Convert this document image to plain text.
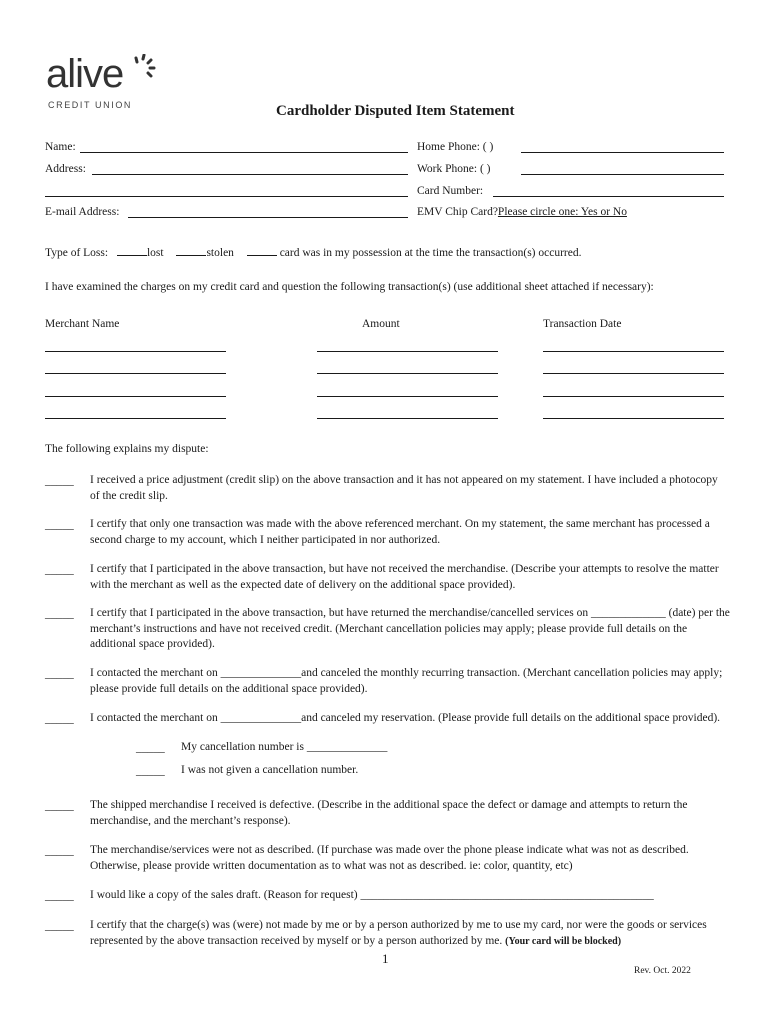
alive
CREDIT UNION	Cardholder Disputed Item Statement
Name:
Address:
E-mail Address:
Home Phone: ( )
Work Phone: ( )
Card Number:
EMV Chip Card?Please circle one: Yes or No
Type of Loss:	lost	stolen	card was in my possession at the time the transaction(s) occurred.
I have examined the charges on my credit card and question the following transaction(s) (use additional sheet attached if necessary):
Merchant Name	Amount	Transaction Date
The following explains my dispute:
_____ I received a price adjustment (credit slip) on the above transaction and it has not appeared on my statement. I have included a photocopy of the credit slip.
_____ I certify that only one transaction was made with the above referenced merchant. On my statement, the same merchant has processed a second charge to my account, which I neither participated in nor authorized.
_____ I certify that I participated in the above transaction, but have not received the merchandise. (Describe your attempts to resolve the matter with the merchant as well as the expected date of delivery on the additional space provided).
_____ I certify that I participated in the above transaction, but have returned the merchandise/cancelled services on _____________ (date) per the merchant’s instructions and have not received credit. (Merchant cancellation policies may apply; please provide full details on the additional space provided).
_____ I contacted the merchant on ______________and canceled the monthly recurring transaction. (Merchant cancellation policies may apply; please provide full details on the additional space provided).
_____ I contacted the merchant on ______________and canceled my reservation. (Please provide full details on the additional space provided).
_____ My cancellation number is ______________
_____ I was not given a cancellation number.
_____ The shipped merchandise I received is defective. (Describe in the additional space the defect or damage and attempts to return the merchandise, and the merchant’s response).
_____ The merchandise/services were not as described. (If purchase was made over the phone please indicate what was not as described. Otherwise, please provide written documentation as to what was not as described. ie: color, quantity, etc)
_____ I would like a copy of the sales draft. (Reason for request) ___________________________________________________
_____ I certify that the charge(s) was (were) not made by me or by a person authorized by me to use my card, nor were the goods or services represented by the above transaction received by myself or by a person authorized by me. (Your card will be blocked)
1
Rev. Oct. 2022
